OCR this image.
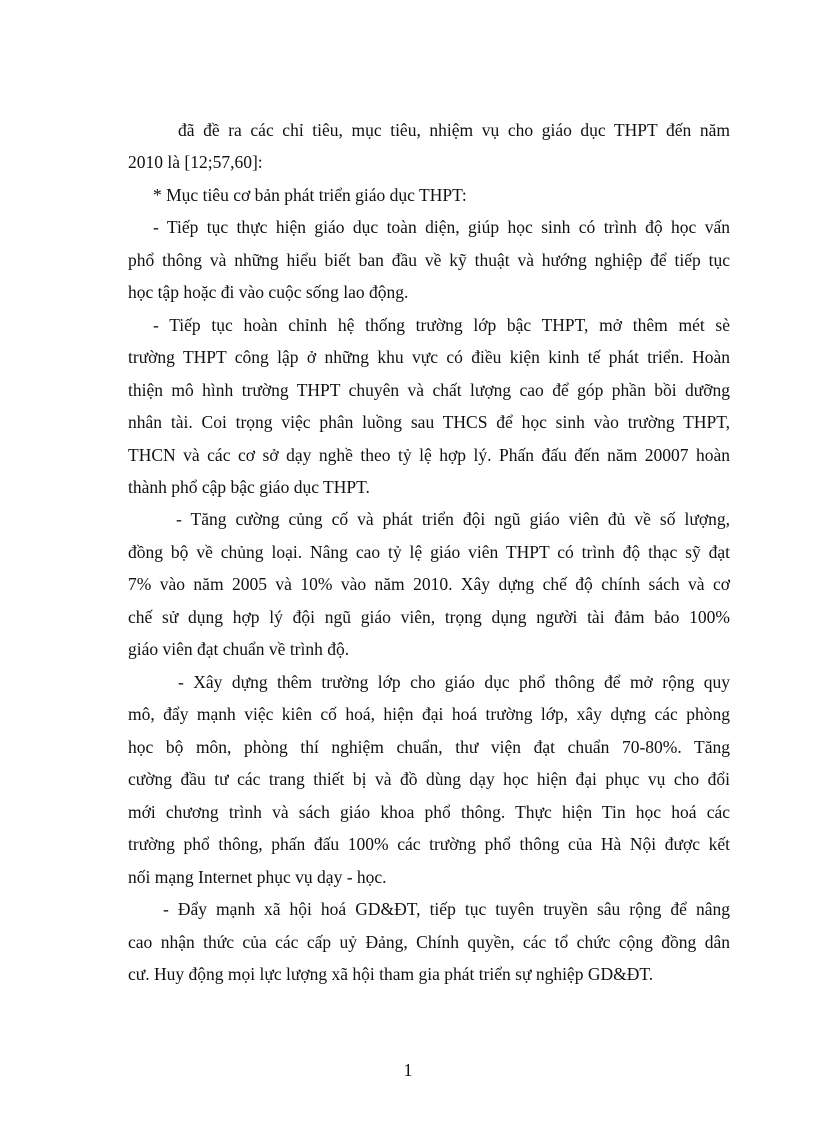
đã đề ra các chỉ tiêu, mục tiêu, nhiệm vụ cho giáo dục THPT đến năm
2010 là [12;57,60]:
* Mục tiêu cơ bản phát triển giáo dục THPT:
- Tiếp tục thực hiện giáo dục toàn diện, giúp học sinh có trình độ học vấn
phổ thông và những hiểu biết ban đầu về kỹ thuật và hướng nghiệp để tiếp tục
học tập hoặc đi vào cuộc sống lao động.
- Tiếp tục hoàn chỉnh hệ thống trường lớp bậc THPT, mở thêm mét sè
trường THPT công lập ở những khu vực có điều kiện kinh tế phát triển. Hoàn
thiện mô hình trường THPT chuyên và chất lượng cao để góp phần bồi dưỡng
nhân tài. Coi trọng việc phân luồng sau THCS để học sinh vào trường THPT,
THCN và các cơ sở dạy nghề theo tỷ lệ hợp lý. Phấn đấu đến năm 20007 hoàn
thành phổ cập bậc giáo dục THPT.
- Tăng cường củng cố và phát triển đội ngũ giáo viên đủ về số lượng,
đồng bộ về chủng loại. Nâng cao tỷ lệ giáo viên THPT có trình độ thạc sỹ đạt
7% vào năm 2005 và 10% vào năm 2010. Xây dựng chế độ chính sách và cơ
chế sử dụng hợp lý đội ngũ giáo viên, trọng dụng người tài đảm bảo 100%
giáo viên đạt chuẩn về trình độ.
- Xây dựng thêm trường lớp cho giáo dục phổ thông để mở rộng quy
mô, đẩy mạnh việc kiên cố hoá, hiện đại hoá trường lớp, xây dựng các phòng
học bộ môn, phòng thí nghiệm chuẩn, thư viện đạt chuẩn 70-80%. Tăng
cường đầu tư các trang thiết bị và đồ dùng dạy học hiện đại phục vụ cho đổi
mới chương trình và sách giáo khoa phổ thông. Thực hiện Tin học hoá các
trường phổ thông, phấn đấu 100% các trường phổ thông của Hà Nội được kết
nối mạng Internet phục vụ dạy - học.
- Đẩy mạnh xã hội hoá GD&ĐT, tiếp tục tuyên truyền sâu rộng để nâng
cao nhận thức của các cấp uỷ Đảng, Chính quyền, các tổ chức cộng đồng dân
cư. Huy động mọi lực lượng xã hội tham gia phát triển sự nghiệp GD&ĐT.
1
